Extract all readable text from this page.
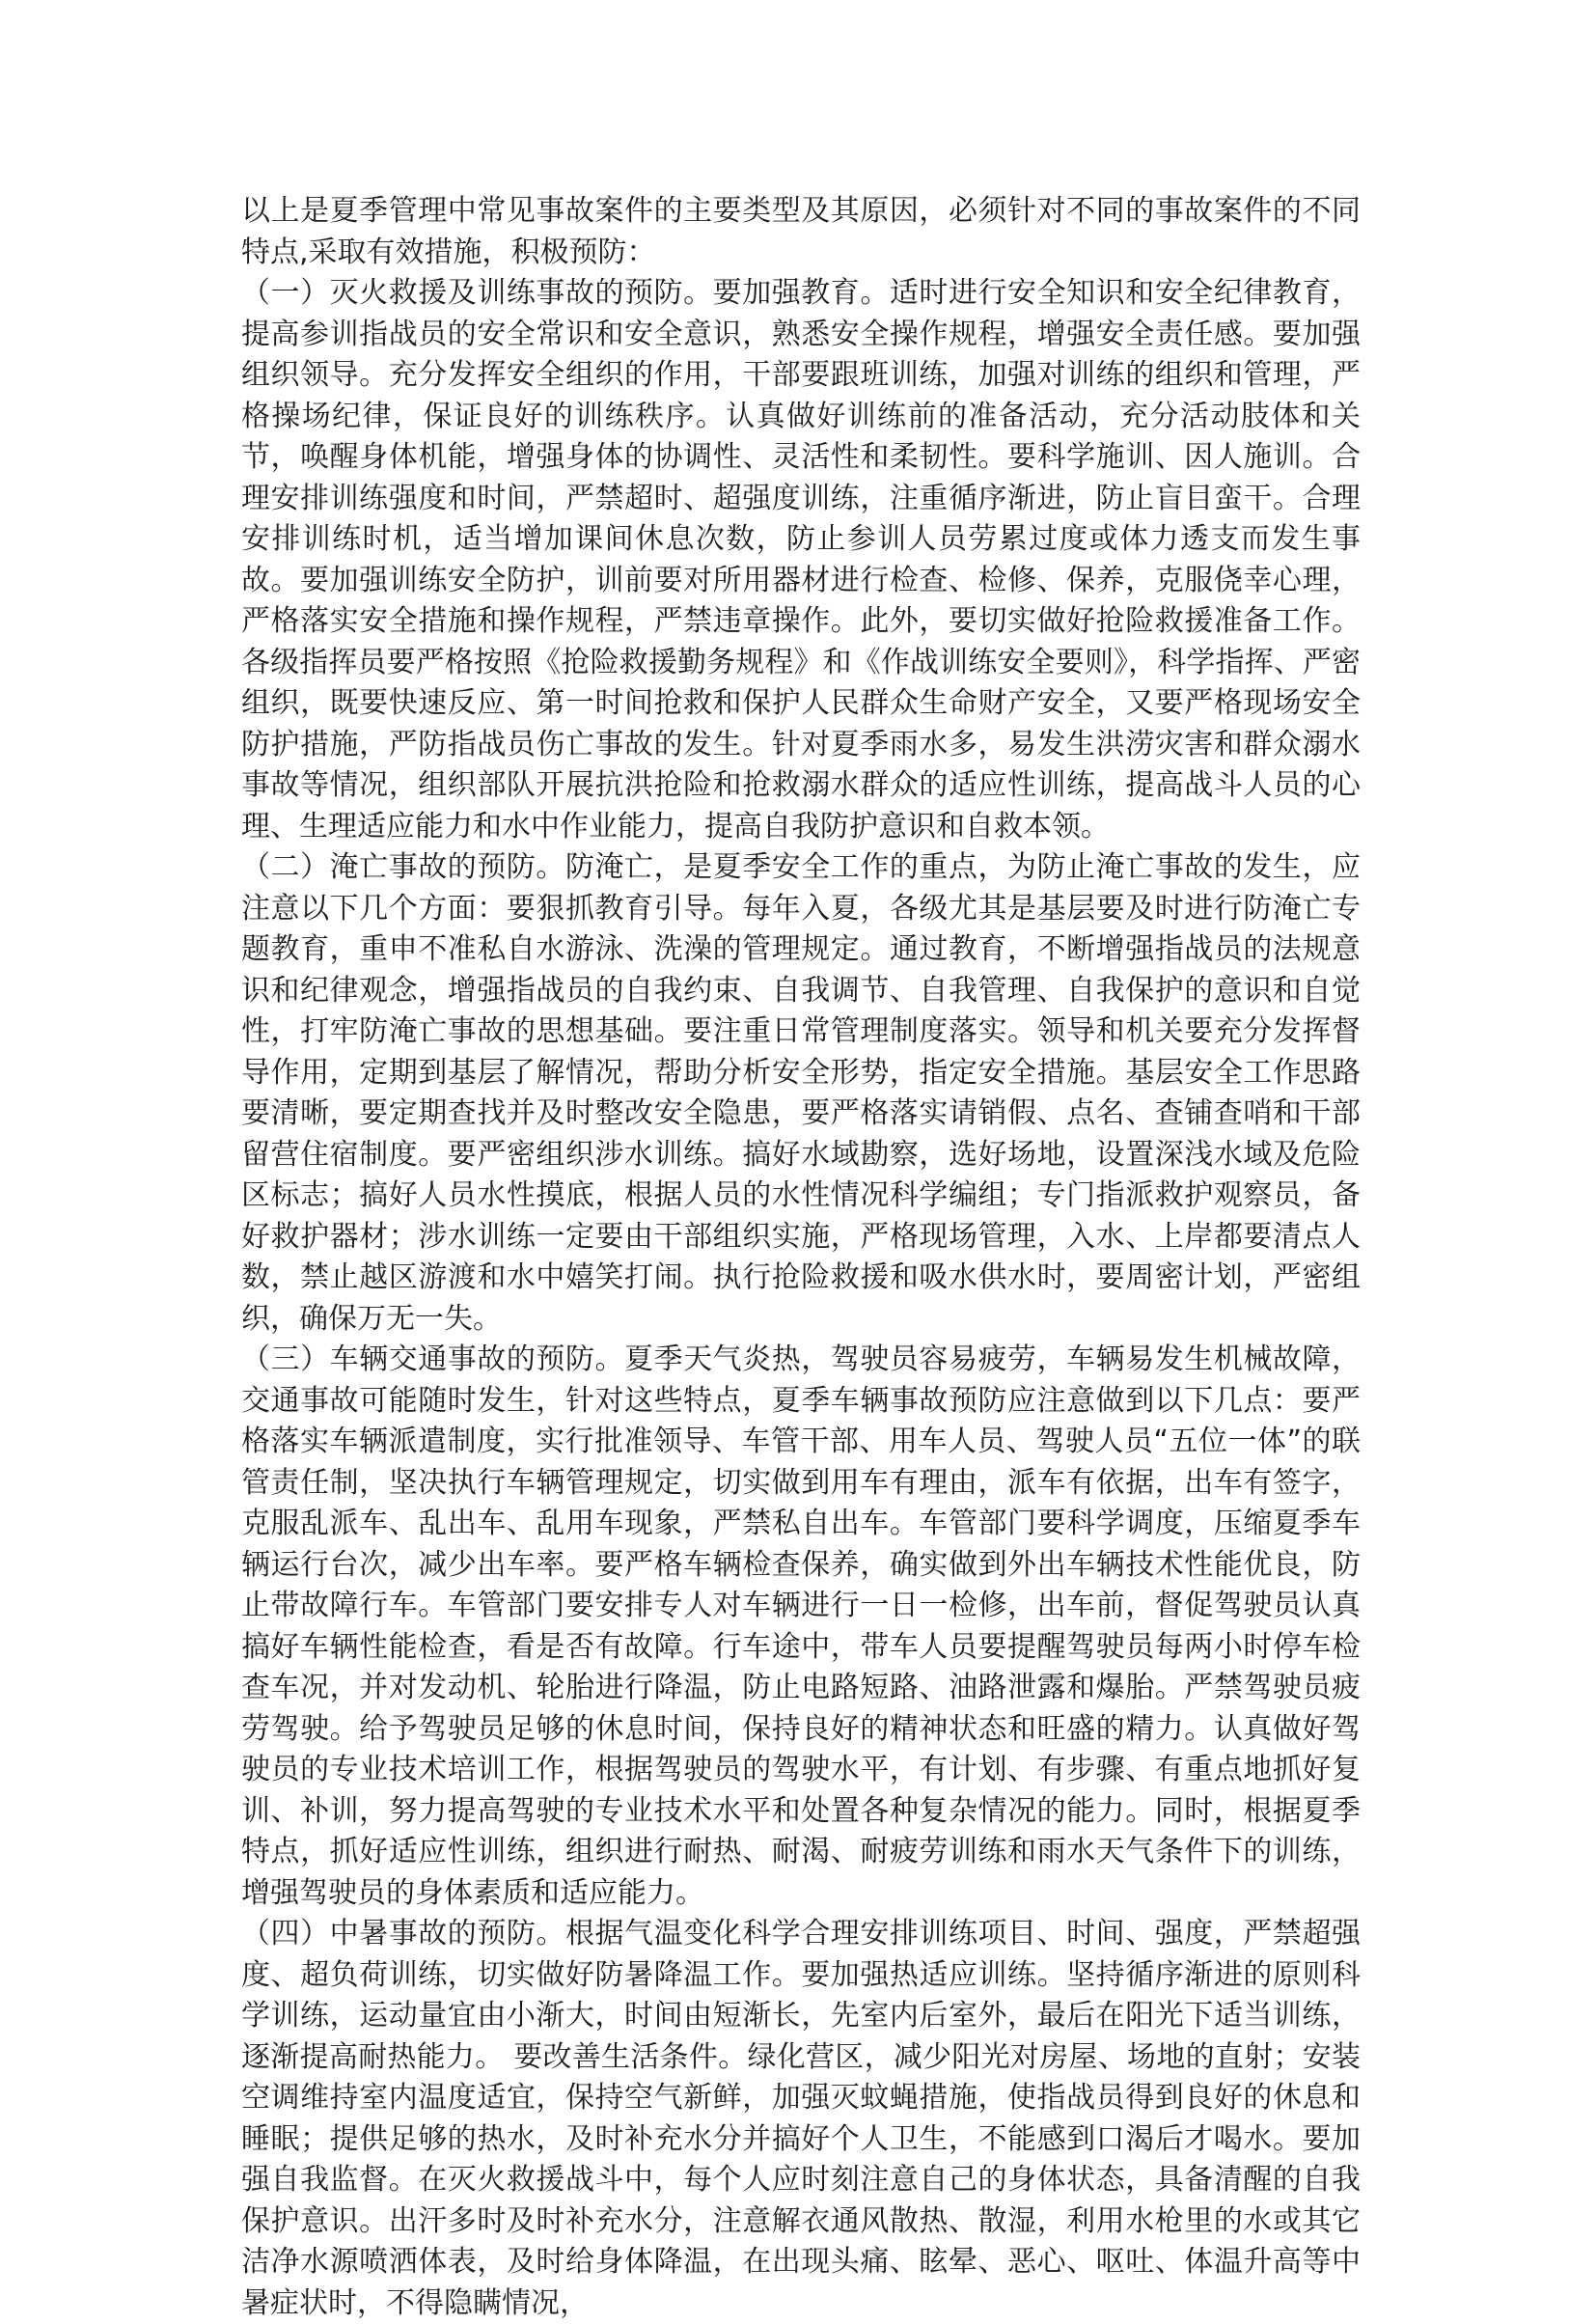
以上是夏季管理中常见事故案件的主要类型及其原因，必须针对不同的事故案件的不同特点,采取有效措施，积极预防：

（一）灭火救援及训练事故的预防。要加强教育。适时进行安全知识和安全纪律教育，提高参训指战员的安全常识和安全意识，熟悉安全操作规程，增强安全责任感。要加强组织领导。充分发挥安全组织的作用，干部要跟班训练，加强对训练的组织和管理，严格操场纪律，保证良好的训练秩序。认真做好训练前的准备活动，充分活动肢体和关节，唤醒身体机能，增强身体的协调性、灵活性和柔韧性。要科学施训、因人施训。合理安排训练强度和时间，严禁超时、超强度训练，注重循序渐进，防止盲目蛮干。合理安排训练时机，适当增加课间休息次数，防止参训人员劳累过度或体力透支而发生事故。要加强训练安全防护，训前要对所用器材进行检查、检修、保养，克服侥幸心理，严格落实安全措施和操作规程，严禁违章操作。此外，要切实做好抢险救援准备工作。各级指挥员要严格按照《抢险救援勤务规程》和《作战训练安全要则》，科学指挥、严密组织，既要快速反应、第一时间抢救和保护人民群众生命财产安全，又要严格现场安全防护措施，严防指战员伤亡事故的发生。针对夏季雨水多，易发生洪涝灾害和群众溺水事故等情况，组织部队开展抗洪抢险和抢救溺水群众的适应性训练，提高战斗人员的心理、生理适应能力和水中作业能力，提高自我防护意识和自救本领。

（二）淹亡事故的预防。防淹亡，是夏季安全工作的重点，为防止淹亡事故的发生，应注意以下几个方面：要狠抓教育引导。每年入夏，各级尤其是基层要及时进行防淹亡专题教育，重申不准私自水游泳、洗澡的管理规定。通过教育，不断增强指战员的法规意识和纪律观念，增强指战员的自我约束、自我调节、自我管理、自我保护的意识和自觉性，打牢防淹亡事故的思想基础。要注重日常管理制度落实。领导和机关要充分发挥督导作用，定期到基层了解情况，帮助分析安全形势，指定安全措施。基层安全工作思路要清晰，要定期查找并及时整改安全隐患，要严格落实请销假、点名、查铺查哨和干部留营住宿制度。要严密组织涉水训练。搞好水域勘察，选好场地，设置深浅水域及危险区标志；搞好人员水性摸底，根据人员的水性情况科学编组；专门指派救护观察员，备好救护器材；涉水训练一定要由干部组织实施，严格现场管理，入水、上岸都要清点人数，禁止越区游渡和水中嬉笑打闹。执行抢险救援和吸水供水时，要周密计划，严密组织，确保万无一失。

（三）车辆交通事故的预防。夏季天气炎热，驾驶员容易疲劳，车辆易发生机械故障，交通事故可能随时发生，针对这些特点，夏季车辆事故预防应注意做到以下几点：要严格落实车辆派遣制度，实行批准领导、车管干部、用车人员、驾驶人员“五位一体”的联管责任制，坚决执行车辆管理规定，切实做到用车有理由，派车有依据，出车有签字，克服乱派车、乱出车、乱用车现象，严禁私自出车。车管部门要科学调度，压缩夏季车辆运行台次，减少出车率。要严格车辆检查保养，确实做到外出车辆技术性能优良，防止带故障行车。车管部门要安排专人对车辆进行一日一检修，出车前，督促驾驶员认真搞好车辆性能检查，看是否有故障。行车途中，带车人员要提醒驾驶员每两小时停车检查车况，并对发动机、轮胎进行降温，防止电路短路、油路泄露和爆胎。严禁驾驶员疲劳驾驶。给予驾驶员足够的休息时间，保持良好的精神状态和旺盛的精力。认真做好驾驶员的专业技术培训工作，根据驾驶员的驾驶水平，有计划、有步骤、有重点地抓好复训、补训，努力提高驾驶的专业技术水平和处置各种复杂情况的能力。同时，根据夏季特点，抓好适应性训练，组织进行耐热、耐渴、耐疲劳训练和雨水天气条件下的训练，增强驾驶员的身体素质和适应能力。

（四）中暑事故的预防。根据气温变化科学合理安排训练项目、时间、强度，严禁超强度、超负荷训练，切实做好防暑降温工作。要加强热适应训练。坚持循序渐进的原则科学训练，运动量宜由小渐大，时间由短渐长，先室内后室外，最后在阳光下适当训练，逐渐提高耐热能力。 要改善生活条件。绿化营区，减少阳光对房屋、场地的直射；安装空调维持室内温度适宜，保持空气新鲜，加强灭蚊蝇措施，使指战员得到良好的休息和睡眠；提供足够的热水，及时补充水分并搞好个人卫生，不能感到口渴后才喝水。要加强自我监督。在灭火救援战斗中，每个人应时刻注意自己的身体状态，具备清醒的自我保护意识。出汗多时及时补充水分，注意解衣通风散热、散湿，利用水枪里的水或其它洁净水源喷洒体表，及时给身体降温，在出现头痛、眩晕、恶心、呕吐、体温升高等中暑症状时，不得隐瞒情况，
